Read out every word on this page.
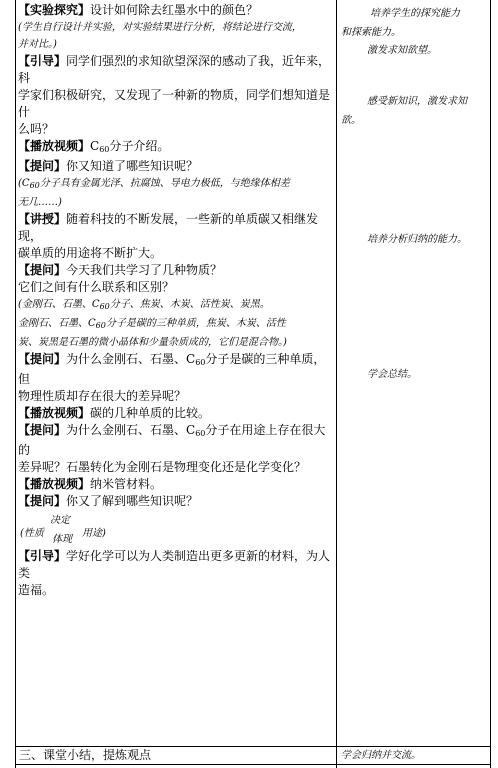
【实验探究】设计如何除去红墨水中的颜色？

(学生自行设计并实验，对实验结果进行分析，将结论进行交流，

并对比。)

【引导】同学们强烈的求知欲望深深的感动了我，近年来，科

学家们积极研究，又发现了一种新的物质，同学们想知道是什

么吗？

【播放视频】$C_{60}$分子介绍。

【提问】你又知道了哪些知识呢？

($C_{60}$分子具有金属光泽、抗腐蚀、导电力极低，与绝缘体相差

无几……)

【讲授】随着科技的不断发展，一些新的单质碳又相继发现，

碳单质的用途将不断扩大。

【提问】今天我们共学习了几种物质？

它们之间有什么联系和区别？

(金刚石、石墨、$C_{60}$分子、焦炭、木炭、活性炭、炭黑。

金刚石、石墨、$C_{60}$分子是碳的三种单质，焦炭、木炭、活性

炭、炭黑是石墨的微小晶体和少量杂质成的，它们是混合物。)

【提问】为什么金刚石、石墨、$C_{60}$分子是碳的三种单质，但

物理性质却存在很大的差异呢？

【播放视频】碳的几种单质的比较。

【提问】为什么金刚石、石墨、$C_{60}$分子在用途上存在很大的

差异呢？石墨转化为金刚石是物理变化还是化学变化？

【播放视频】纳米管材料。

【提问】你又了解到哪些知识呢？

决定
(性质
体现
用途)

【引导】学好化学可以为人类制造出更多更新的材料，为人类

造福。

培养学生的探究能力
和探索能力。
激发求知欲望。
感受新知识，激发求知
欲。
培养分析归纳的能力。
学会总结。
三、课堂小结，提炼观点	学会归纳并交流。
